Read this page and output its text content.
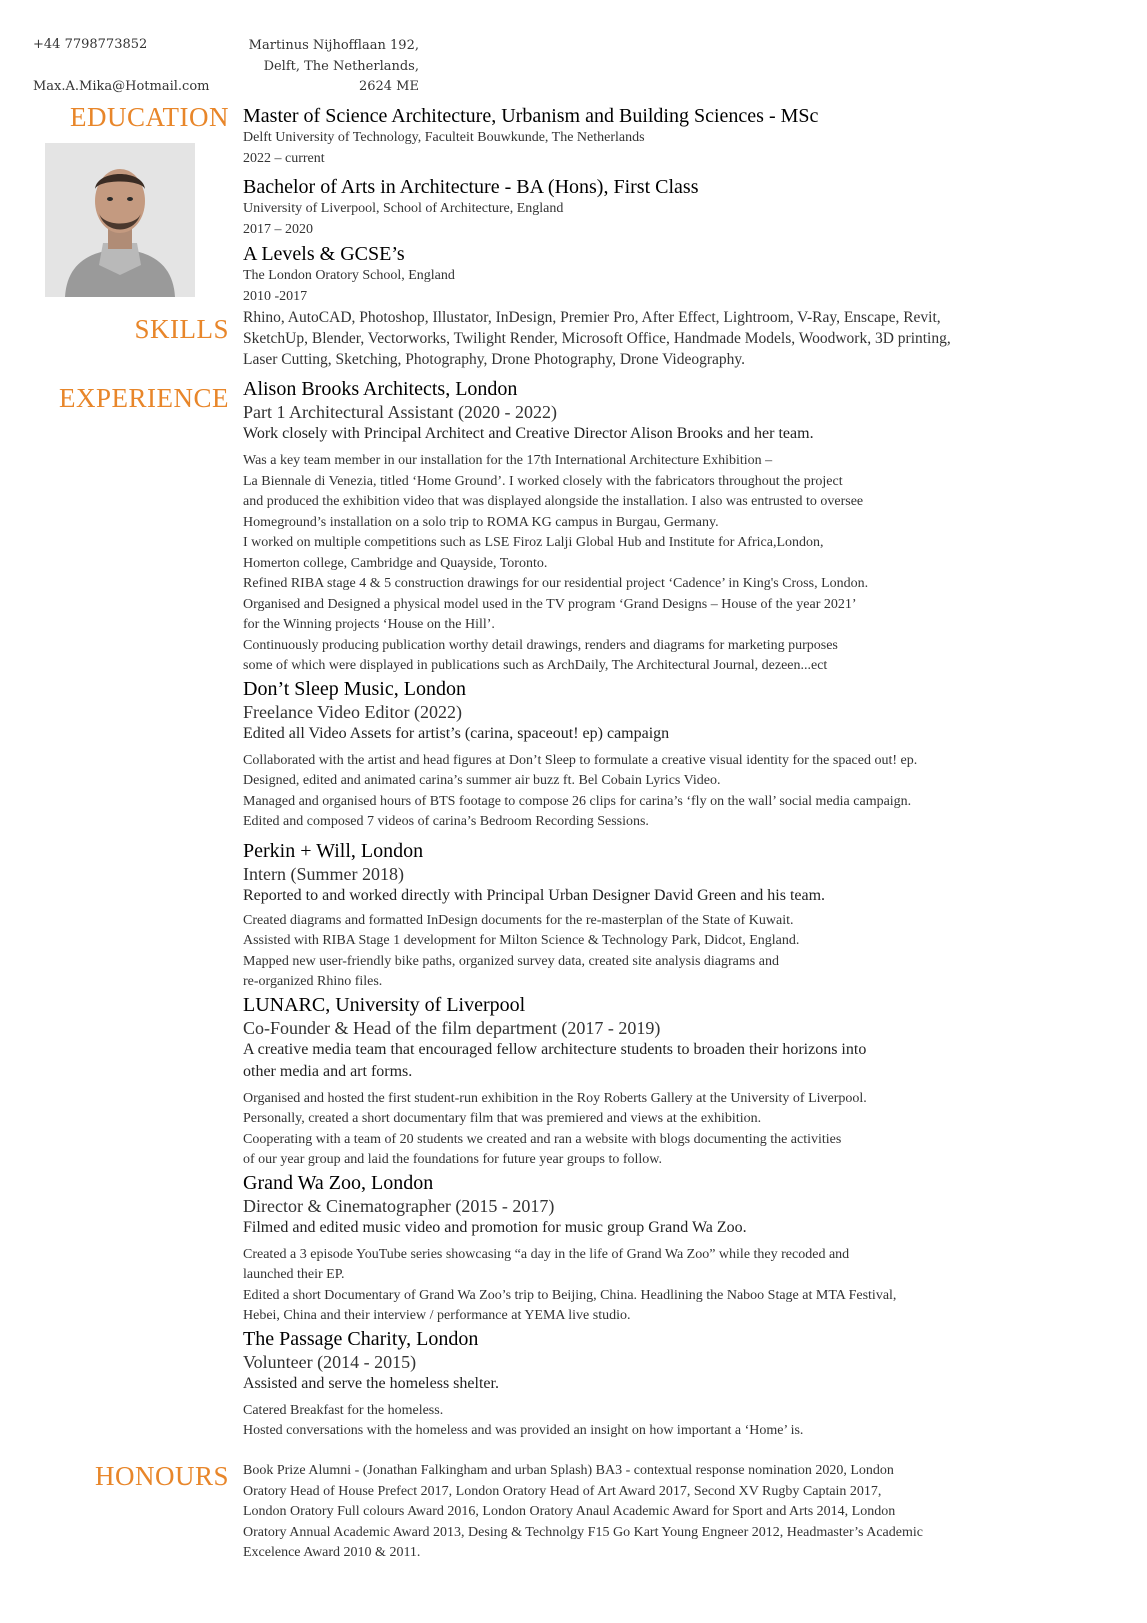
+44 7798773852
Max.A.Mika@Hotmail.com
Martinus Nijhofflaan 192,
Delft, The Netherlands,
2624 ME
EDUCATION
SKILLS
EXPERIENCE
HONOURS
Master of Science Architecture, Urbanism and Building Sciences - MSc
Delft University of Technology, Faculteit Bouwkunde, The Netherlands
2022 – current
Bachelor of Arts in Architecture - BA (Hons), First Class
University of Liverpool, School of Architecture, England
2017 – 2020
A Levels & GCSE’s
The London Oratory School, England
2010 -2017
Rhino, AutoCAD, Photoshop, Illustator, InDesign, Premier Pro, After Effect, Lightroom, V-Ray, Enscape, Revit,
SketchUp, Blender, Vectorworks, Twilight Render, Microsoft Office, Handmade Models, Woodwork, 3D printing,
Laser Cutting, Sketching, Photography, Drone Photography, Drone Videography.
Alison Brooks Architects, London
Part 1 Architectural Assistant (2020 - 2022)
Work closely with Principal Architect and Creative Director Alison Brooks and her team.
Was a key team member in our installation for the 17th International Architecture Exhibition –
La Biennale di Venezia, titled ‘Home Ground’. I worked closely with the fabricators throughout the project
and produced the exhibition video that was displayed alongside the installation. I also was entrusted to oversee
Homeground’s installation on a solo trip to ROMA KG campus in Burgau, Germany.
I worked on multiple competitions such as LSE Firoz Lalji Global Hub and Institute for Africa,London,
Homerton college, Cambridge and Quayside, Toronto.
Refined RIBA stage 4 & 5 construction drawings for our residential project ‘Cadence’ in King's Cross, London.
Organised and Designed a physical model used in the TV program ‘Grand Designs – House of the year 2021’
for the Winning projects ‘House on the Hill’.
Continuously producing publication worthy detail drawings, renders and diagrams for marketing purposes
some of which were displayed in publications such as ArchDaily, The Architectural Journal, dezeen...ect
Don’t Sleep Music, London
Freelance Video Editor (2022)
Edited all Video Assets for artist’s (carina, spaceout! ep) campaign
Collaborated with the artist and head figures at Don’t Sleep to formulate a creative visual identity for the spaced out! ep.
Designed, edited and animated carina’s summer air buzz ft. Bel Cobain Lyrics Video.
Managed and organised hours of BTS footage to compose 26 clips for carina’s ‘fly on the wall’ social media campaign.
Edited and composed 7 videos of carina’s Bedroom Recording Sessions.
Perkin + Will, London
Intern (Summer 2018)
Reported to and worked directly with Principal Urban Designer David Green and his team.
Created diagrams and formatted InDesign documents for the re-masterplan of the State of Kuwait.
Assisted with RIBA Stage 1 development for Milton Science & Technology Park, Didcot, England.
Mapped new user-friendly bike paths, organized survey data, created site analysis diagrams and
re-organized Rhino files.
LUNARC, University of Liverpool
Co-Founder & Head of the film department (2017 - 2019)
A creative media team that encouraged fellow architecture students to broaden their horizons into
other media and art forms.
Organised and hosted the first student-run exhibition in the Roy Roberts Gallery at the University of Liverpool.
Personally, created a short documentary film that was premiered and views at the exhibition.
Cooperating with a team of 20 students we created and ran a website with blogs documenting the activities
of our year group and laid the foundations for future year groups to follow.
Grand Wa Zoo, London
Director & Cinematographer (2015 - 2017)
Filmed and edited music video and promotion for music group Grand Wa Zoo.
Created a 3 episode YouTube series showcasing “a day in the life of Grand Wa Zoo” while they recoded and
launched their EP.
Edited a short Documentary of Grand Wa Zoo’s trip to Beijing, China. Headlining the Naboo Stage at MTA Festival,
Hebei, China and their interview / performance at YEMA live studio.
The Passage Charity, London
Volunteer (2014 - 2015)
Assisted and serve the homeless shelter.
Catered Breakfast for the homeless.
Hosted conversations with the homeless and was provided an insight on how important a ‘Home’ is.
Book Prize Alumni - (Jonathan Falkingham and urban Splash) BA3 - contextual response nomination 2020, London
Oratory Head of House Prefect 2017, London Oratory Head of Art Award 2017, Second XV Rugby Captain 2017,
London Oratory Full colours Award 2016, London Oratory Anaul Academic Award for Sport and Arts 2014, London
Oratory Annual Academic Award 2013, Desing & Technolgy F15 Go Kart Young Engneer 2012, Headmaster’s Academic
Excelence Award 2010 & 2011.
